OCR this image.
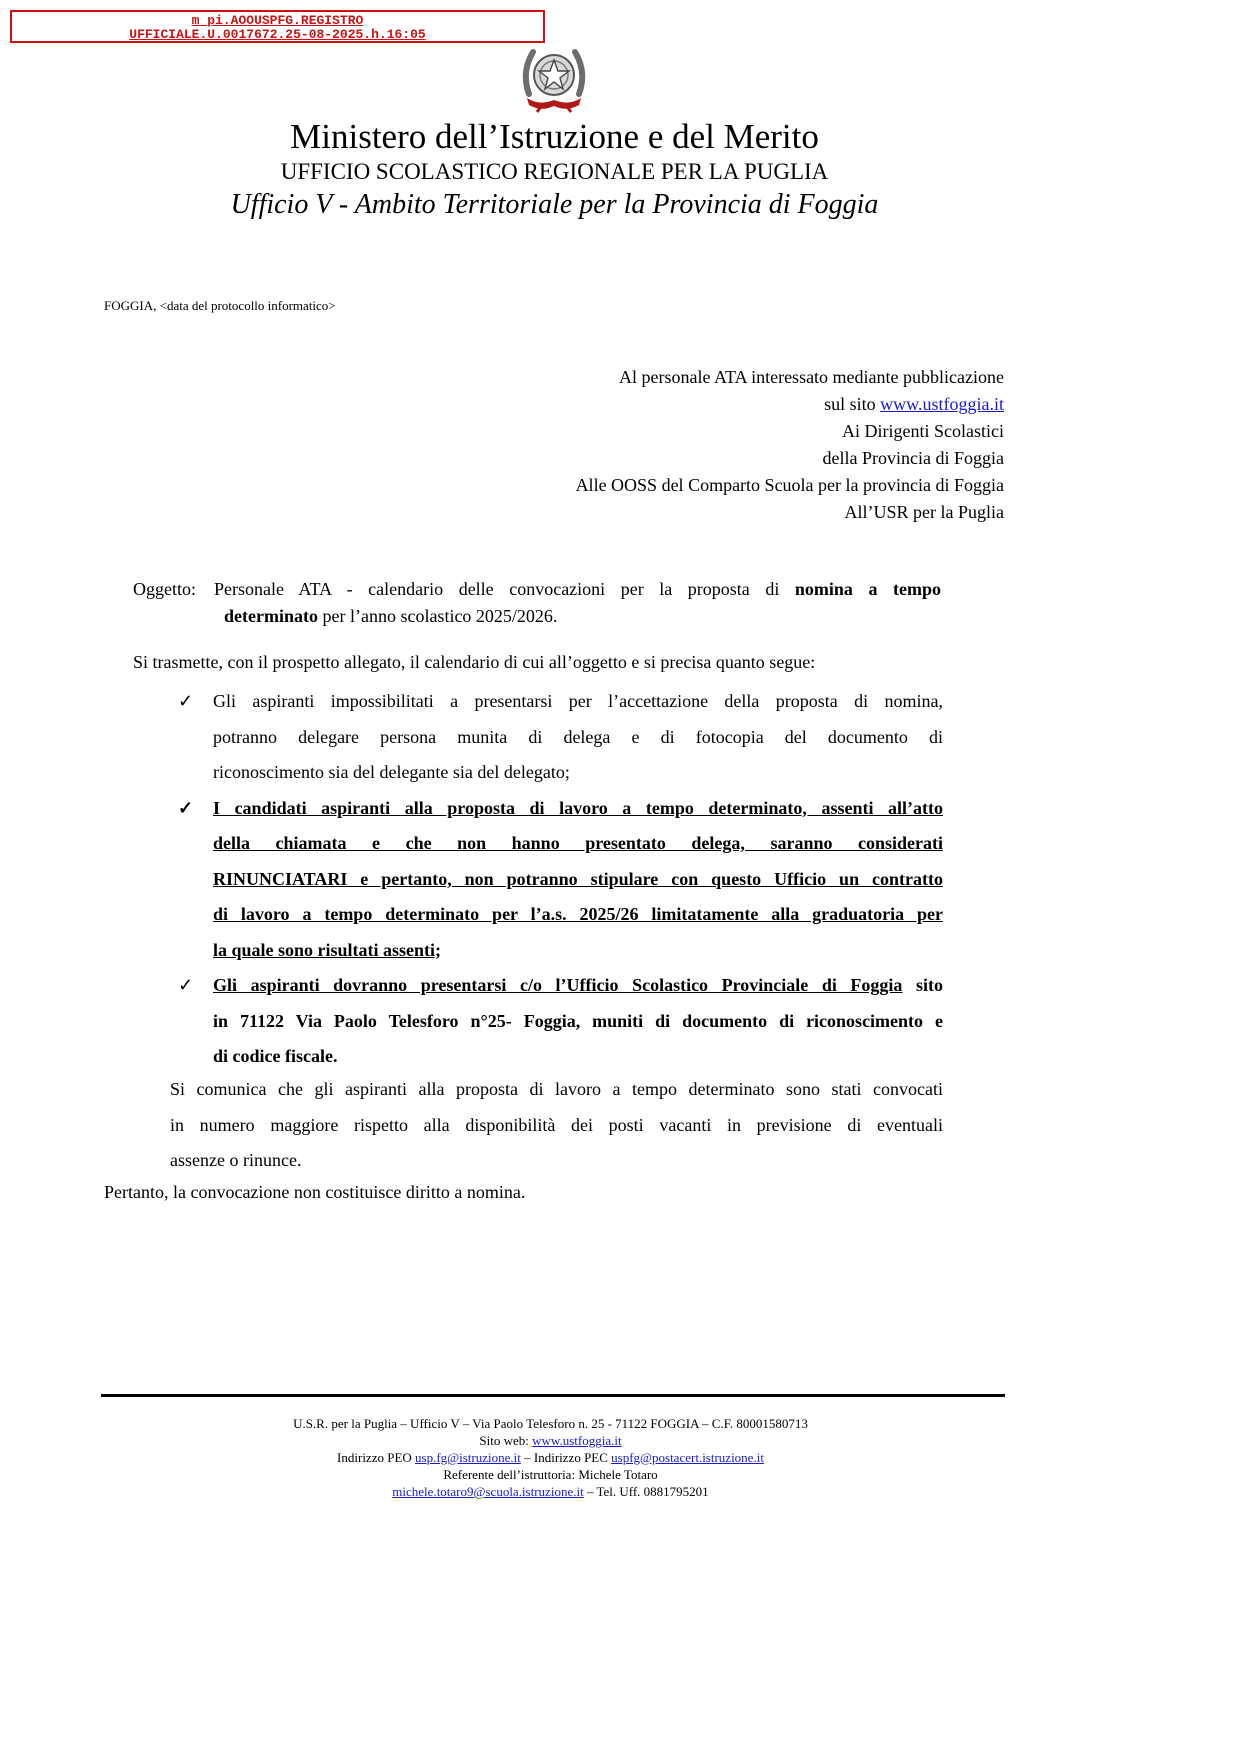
m_pi.AOOUSPFG.REGISTRO
UFFICIALE.U.0017672.25-08-2025.h.16:05
Ministero dell’Istruzione e del Merito
UFFICIO SCOLASTICO REGIONALE PER LA PUGLIA
Ufficio V - Ambito Territoriale per la Provincia di Foggia
FOGGIA, <data del protocollo informatico>
Al personale ATA interessato mediante pubblicazione
sul sito www.ustfoggia.it
Ai Dirigenti Scolastici
della Provincia di Foggia
Alle OOSS del Comparto Scuola per la provincia di Foggia
All’USR per la Puglia
Oggetto: Personale ATA - calendario delle convocazioni per la proposta di nomina a tempo
determinato per l’anno scolastico 2025/2026.
Si trasmette, con il prospetto allegato, il calendario di cui all’oggetto e si precisa quanto segue:
✓ Gli aspiranti impossibilitati a presentarsi per l’accettazione della proposta di nomina,
potranno delegare persona munita di delega e di fotocopia del documento di
riconoscimento sia del delegante sia del delegato;
✓ I candidati aspiranti alla proposta di lavoro a tempo determinato, assenti all’atto
della chiamata e che non hanno presentato delega, saranno considerati
RINUNCIATARI e pertanto, non potranno stipulare con questo Ufficio un contratto
di lavoro a tempo determinato per l’a.s. 2025/26 limitatamente alla graduatoria per
la quale sono risultati assenti;
✓ Gli aspiranti dovranno presentarsi c/o l’Ufficio Scolastico Provinciale di Foggia sito
in 71122 Via Paolo Telesforo n°25- Foggia, muniti di documento di riconoscimento e
di codice fiscale.
Si comunica che gli aspiranti alla proposta di lavoro a tempo determinato sono stati convocati
in numero maggiore rispetto alla disponibilità dei posti vacanti in previsione di eventuali
assenze o rinunce.
Pertanto, la convocazione non costituisce diritto a nomina.
U.S.R. per la Puglia – Ufficio V – Via Paolo Telesforo n. 25 - 71122 FOGGIA – C.F. 80001580713
Sito web: www.ustfoggia.it
Indirizzo PEO usp.fg@istruzione.it – Indirizzo PEC uspfg@postacert.istruzione.it
Referente dell’istruttoria: Michele Totaro
michele.totaro9@scuola.istruzione.it – Tel. Uff. 0881795201
